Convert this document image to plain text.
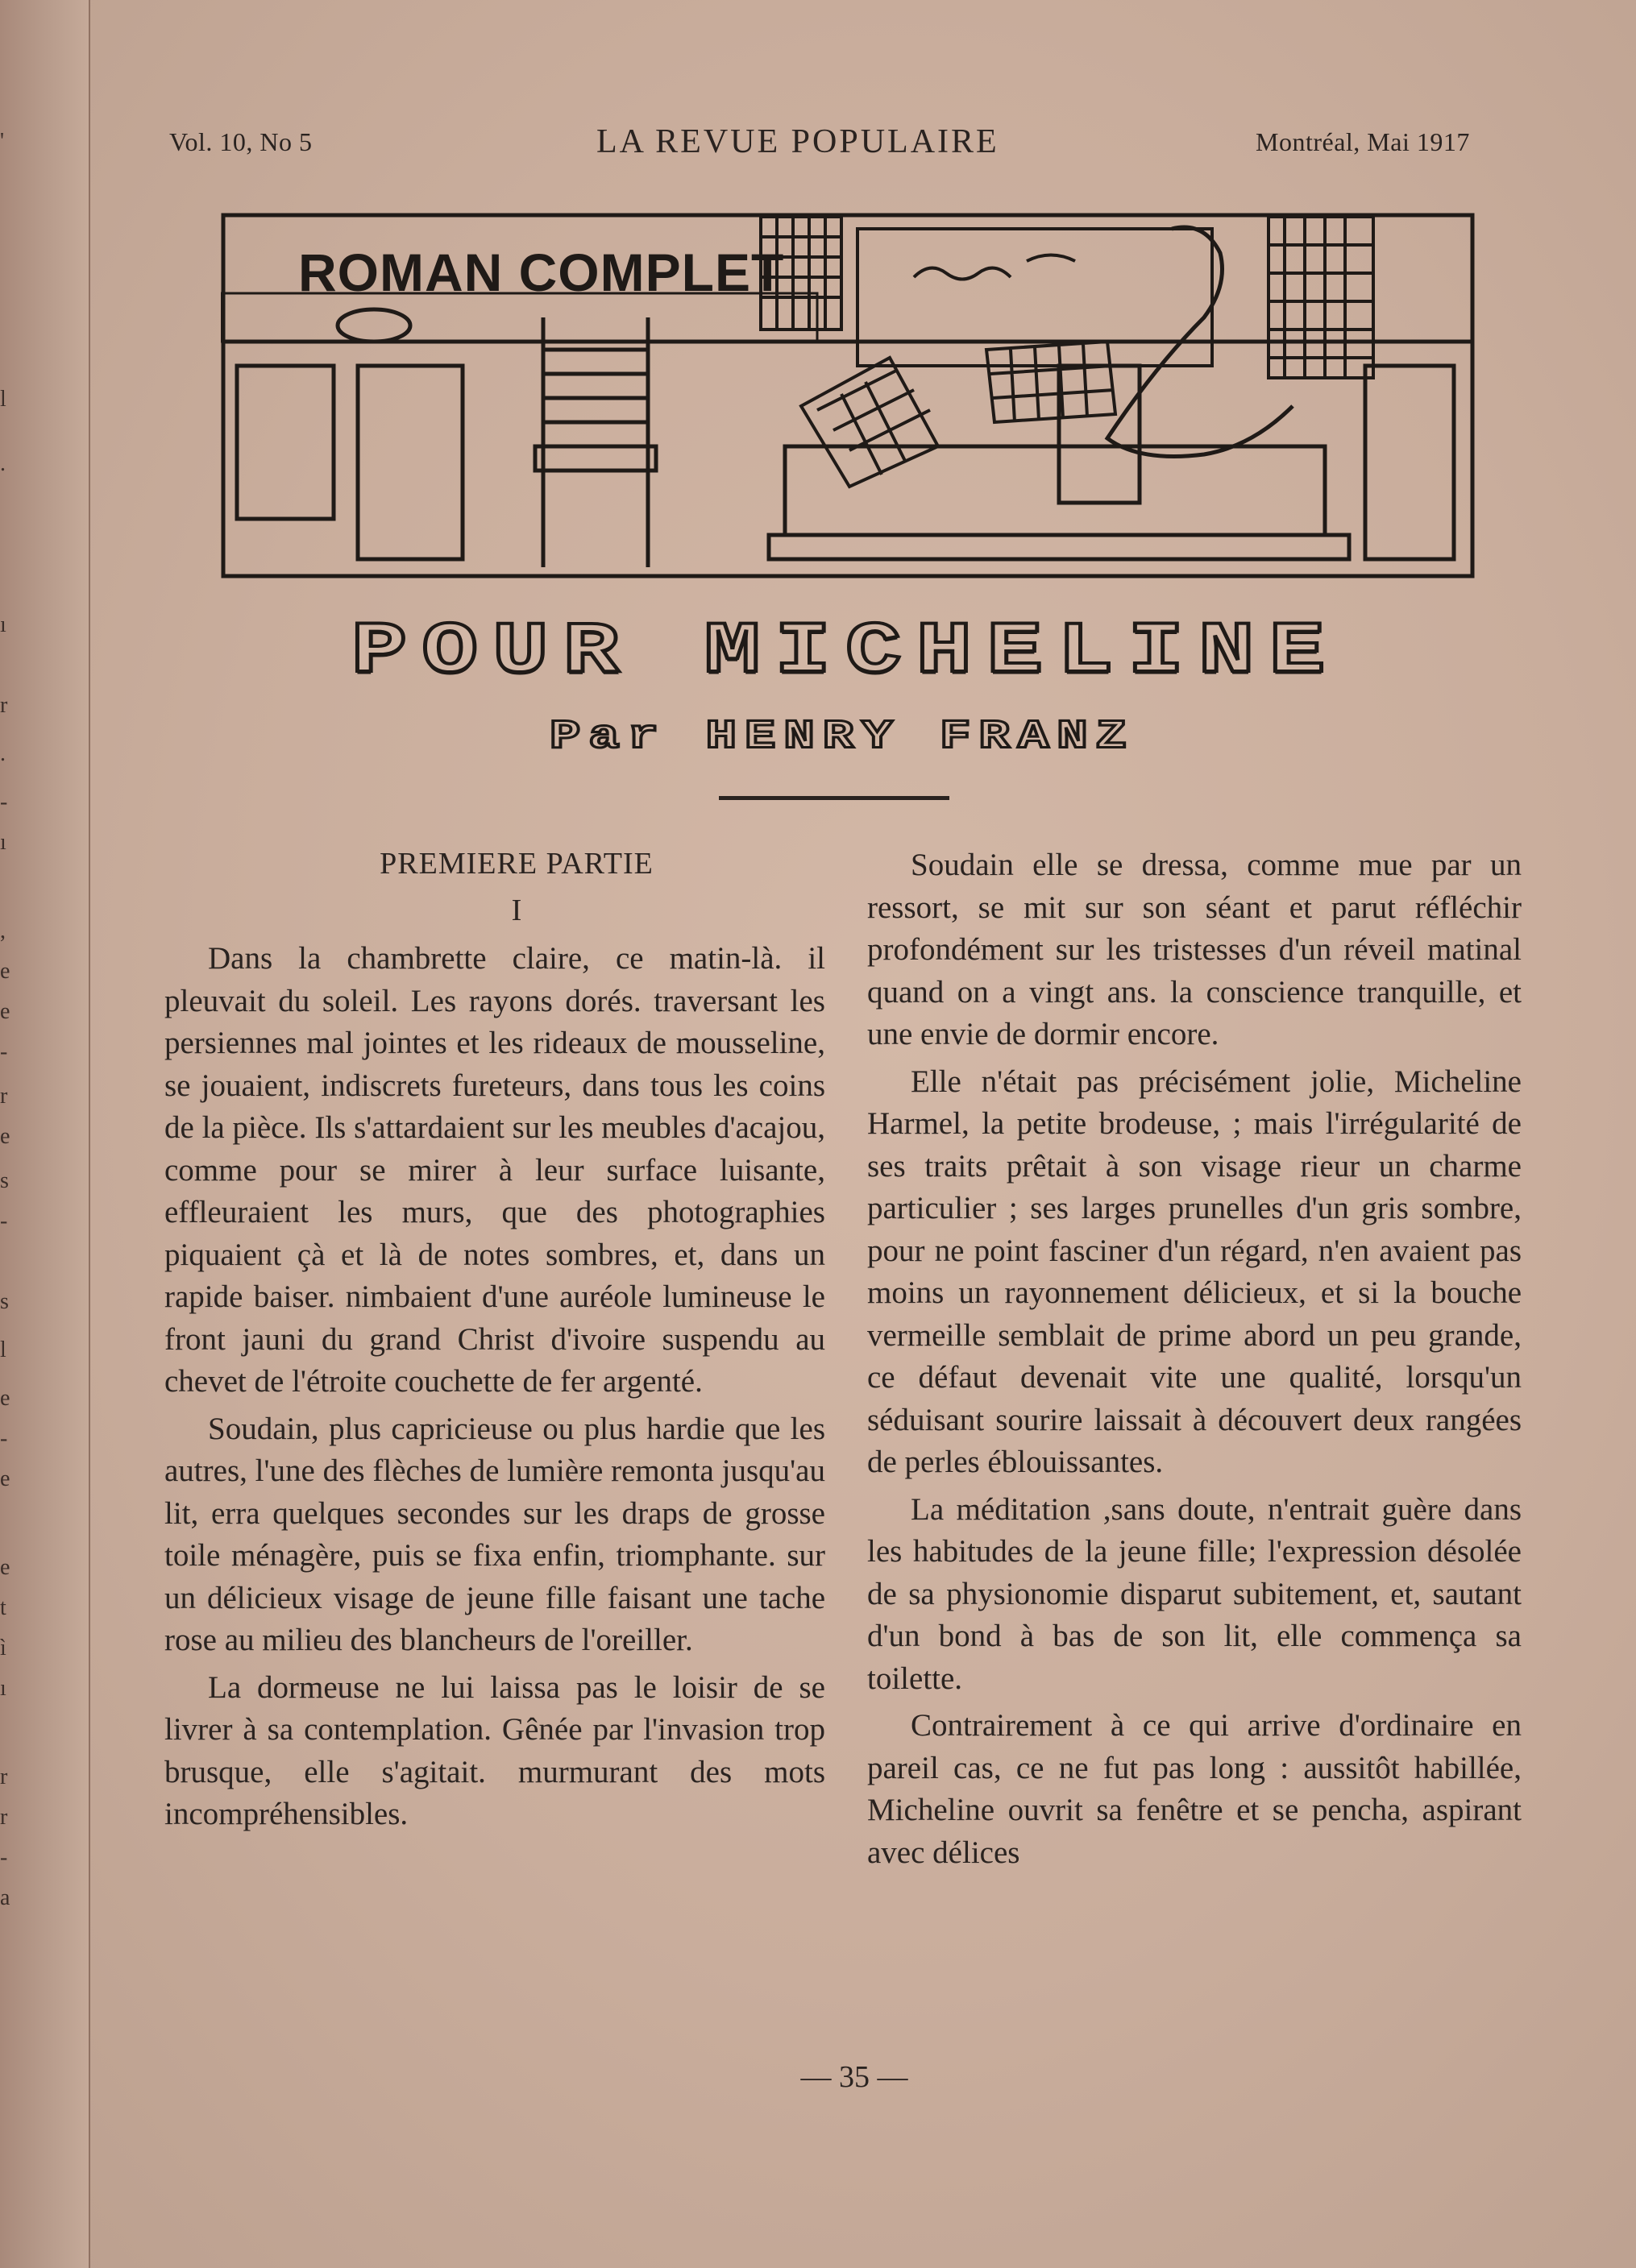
'
l
.
ı
r
.
-
ı
,
e
e
-
r
e
s
-
s
l
e
-
e
e
t
ì
ı
r
r
-
a
Vol. 10, No 5	LA REVUE POPULAIRE	Montréal, Mai 1917
ROMAN COMPLET
POUR MICHELINE
Par HENRY FRANZ

PREMIERE PARTIE

I

Dans la chambrette claire, ce matin-là. il pleuvait du soleil. Les rayons dorés. traversant les persiennes mal jointes et les rideaux de mousseline, se jouaient, indiscrets fureteurs, dans tous les coins de la pièce. Ils s'attardaient sur les meubles d'acajou, comme pour se mirer à leur surface luisante, effleuraient les murs, que des photographies piquaient çà et là de notes sombres, et, dans un rapide baiser. nimbaient d'une auréole lumineuse le front jauni du grand Christ d'ivoire suspendu au chevet de l'étroite couchette de fer argenté.

Soudain, plus capricieuse ou plus hardie que les autres, l'une des flèches de lumière remonta jusqu'au lit, erra quelques secondes sur les draps de grosse toile ménagère, puis se fixa enfin, triomphante. sur un délicieux visage de jeune fille faisant une tache rose au milieu des blancheurs de l'oreiller.

La dormeuse ne lui laissa pas le loisir de se livrer à sa contemplation. Gênée par l'invasion trop brusque, elle s'agitait. murmurant des mots incompréhensibles.

Soudain elle se dressa, comme mue par un ressort, se mit sur son séant et parut réfléchir profondément sur les tristesses d'un réveil matinal quand on a vingt ans. la conscience tranquille, et une envie de dormir encore.

Elle n'était pas précisément jolie, Micheline Harmel, la petite brodeuse, ; mais l'irrégularité de ses traits prêtait à son visage rieur un charme particulier ; ses larges prunelles d'un gris sombre, pour ne point fasciner d'un régard, n'en avaient pas moins un rayonnement délicieux, et si la bouche vermeille semblait de prime abord un peu grande, ce défaut devenait vite une qualité, lorsqu'un séduisant sourire laissait à découvert deux rangées de perles éblouissantes.

La méditation ,sans doute, n'entrait guère dans les habitudes de la jeune fille; l'expression désolée de sa physionomie disparut subitement, et, sautant d'un bond à bas de son lit, elle commença sa toilette.

Contrairement à ce qui arrive d'ordinaire en pareil cas, ce ne fut pas long : aussitôt habillée, Micheline ouvrit sa fenêtre et se pencha, aspirant avec délices

— 35 —
